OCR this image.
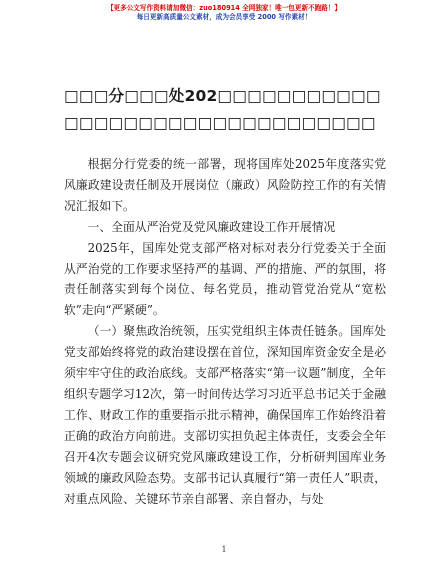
【更多公文写作资料请加微信：zuo180914 全网独家！唯一包更新不跑路！】
每日更新高质量公文素材，成为会员享受 2000 写作素材！
□□□分□□□处202□□□□□□□□□□□□□□□□□□□□□□□□□□□□□□□□

根据分行党委的统一部署，现将国库处2025年度落实党风廉政建设责任制及开展岗位（廉政）风险防控工作的有关情况汇报如下。

一、全面从严治党及党风廉政建设工作开展情况

2025年，国库处党支部严格对标对表分行党委关于全面从严治党的工作要求坚持严的基调、严的措施、严的氛围，将责任制落实到每个岗位、每名党员，推动管党治党从“宽松软”走向“严紧硬”。

（一）聚焦政治统领，压实党组织主体责任链条。国库处党支部始终将党的政治建设摆在首位，深知国库资金安全是必须牢牢守住的政治底线。支部严格落实“第一议题”制度，全年组织专题学习12次，第一时间传达学习习近平总书记关于金融工作、财政工作的重要指示批示精神，确保国库工作始终沿着正确的政治方向前进。支部切实担负起主体责任，支委会全年召开4次专题会议研究党风廉政建设工作，分析研判国库业务领域的廉政风险态势。支部书记认真履行“第一责任人”职责，对重点风险、关键环节亲自部署、亲自督办，与处

1
